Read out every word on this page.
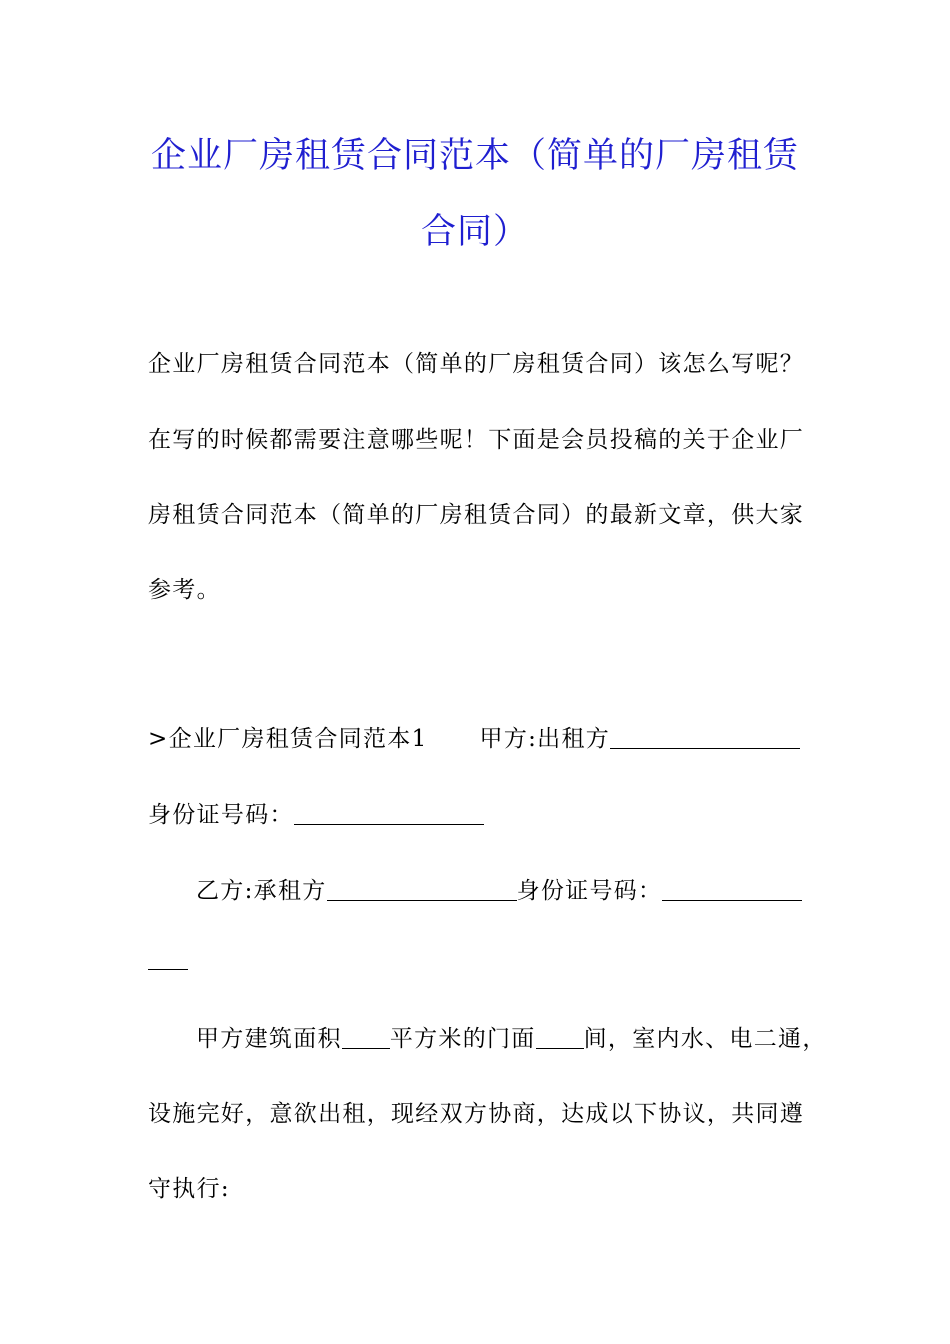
企业厂房租赁合同范本（简单的厂房租赁
合同）
企业厂房租赁合同范本（简单的厂房租赁合同）该怎么写呢？
在写的时候都需要注意哪些呢！下面是会员投稿的关于企业厂
房租赁合同范本（简单的厂房租赁合同）的最新文章，供大家
参考。
>企业厂房租赁合同范本1 甲方:出租方
身份证号码：
乙方:承租方	身份证号码：
甲方建筑面积 平方米的门面 间，室内水、电二通，
设施完好，意欲出租，现经双方协商，达成以下协议，共同遵
守执行:
